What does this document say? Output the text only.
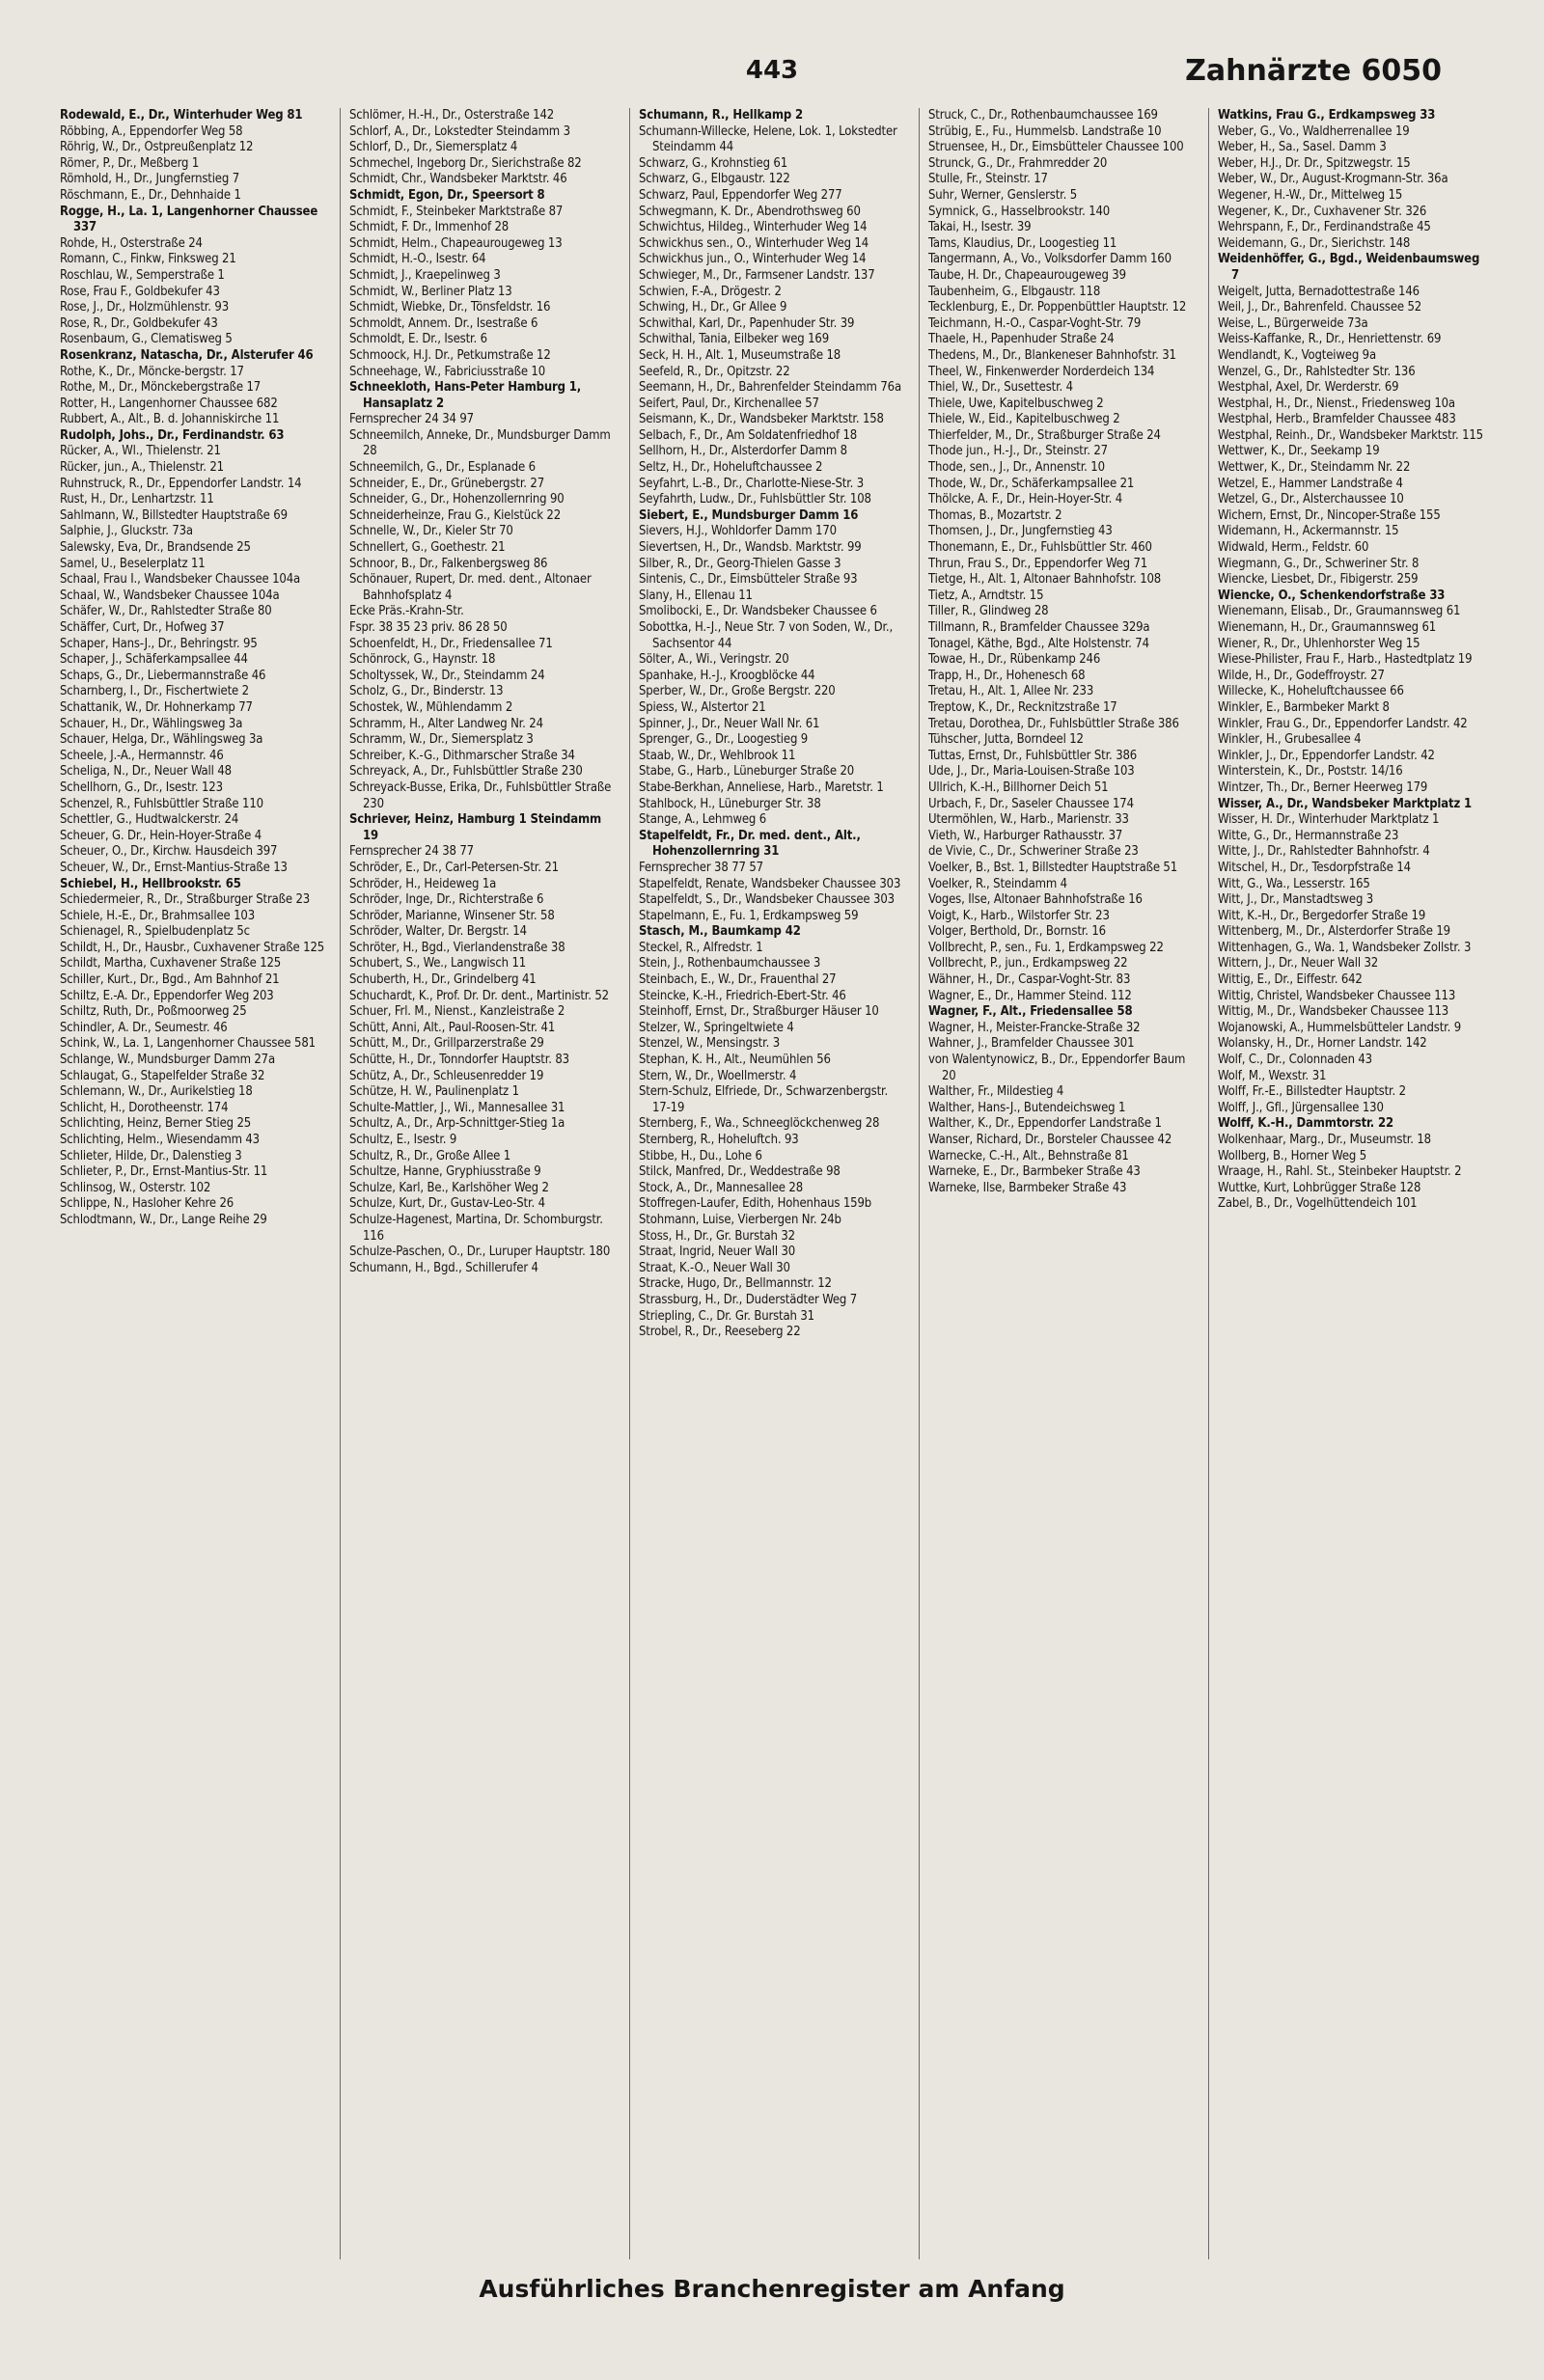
443	Zahnärzte 6050
Rodewald, E., Dr., Winterhuder Weg 81
Röbbing, A., Eppendorfer Weg 58
Röhrig, W., Dr., Ostpreußenplatz 12
Römer, P., Dr., Meßberg 1
Römhold, H., Dr., Jungfernstieg 7
Röschmann, E., Dr., Dehnhaide 1
Rogge, H., La. 1, Langenhorner Chaussee 337
Rohde, H., Osterstraße 24
Romann, C., Finkw, Finksweg 21
Roschlau, W., Semperstraße 1
Rose, Frau F., Goldbekufer 43
Rose, J., Dr., Holzmühlenstr. 93
Rose, R., Dr., Goldbekufer 43
Rosenbaum, G., Clematisweg 5
Rosenkranz, Natascha, Dr., Alsterufer 46
Rothe, K., Dr., Möncke-bergstr. 17
Rothe, M., Dr., Mönckebergstraße 17
Rotter, H., Langenhorner Chaussee 682
Rubbert, A., Alt., B. d. Johanniskirche 11
Rudolph, Johs., Dr., Ferdinandstr. 63
Rücker, A., Wl., Thielenstr. 21
Rücker, jun., A., Thielenstr. 21
Ruhnstruck, R., Dr., Eppendorfer Landstr. 14
Rust, H., Dr., Lenhartzstr. 11
Sahlmann, W., Billstedter Hauptstraße 69
Salphie, J., Gluckstr. 73a
Salewsky, Eva, Dr., Brandsende 25
Samel, U., Beselerplatz 11
Schaal, Frau I., Wandsbeker Chaussee 104a
Schaal, W., Wandsbeker Chaussee 104a
Schäfer, W., Dr., Rahlstedter Straße 80
Schäffer, Curt, Dr., Hofweg 37
Schaper, Hans-J., Dr., Behringstr. 95
Schaper, J., Schäferkampsallee 44
Schaps, G., Dr., Liebermannstraße 46
Scharnberg, I., Dr., Fischertwiete 2
Schattanik, W., Dr. Hohnerkamp 77
Schauer, H., Dr., Wählingsweg 3a
Schauer, Helga, Dr., Wählingsweg 3a
Scheele, J.-A., Hermannstr. 46
Scheliga, N., Dr., Neuer Wall 48
Schellhorn, G., Dr., Isestr. 123
Schenzel, R., Fuhlsbüttler Straße 110
Schettler, G., Hudtwalckerstr. 24
Scheuer, G. Dr., Hein-Hoyer-Straße 4
Scheuer, O., Dr., Kirchw. Hausdeich 397
Scheuer, W., Dr., Ernst-Mantius-Straße 13
Schiebel, H., Hellbrookstr. 65
Schiedermeier, R., Dr., Straßburger Straße 23
Schiele, H.-E., Dr., Brahmsallee 103
Schienagel, R., Spielbudenplatz 5c
Schildt, H., Dr., Hausbr., Cuxhavener Straße 125
Schildt, Martha, Cuxhavener Straße 125
Schiller, Kurt., Dr., Bgd., Am Bahnhof 21
Schiltz, E.-A. Dr., Eppendorfer Weg 203
Schiltz, Ruth, Dr., Poßmoorweg 25
Schindler, A. Dr., Seumestr. 46
Schink, W., La. 1, Langenhorner Chaussee 581
Schlange, W., Mundsburger Damm 27a
Schlaugat, G., Stapelfelder Straße 32
Schlemann, W., Dr., Aurikelstieg 18
Schlicht, H., Dorotheenstr. 174
Schlichting, Heinz, Berner Stieg 25
Schlichting, Helm., Wiesendamm 43
Schlieter, Hilde, Dr., Dalenstieg 3
Schlieter, P., Dr., Ernst-Mantius-Str. 11
Schlinsog, W., Osterstr. 102
Schlippe, N., Hasloher Kehre 26
Schlodtmann, W., Dr., Lange Reihe 29
Schlömer, H.-H., Dr., Osterstraße 142
Schlorf, A., Dr., Lokstedter Steindamm 3
Schlorf, D., Dr., Siemersplatz 4
Schmechel, Ingeborg Dr., Sierichstraße 82
Schmidt, Chr., Wandsbeker Marktstr. 46
Schmidt, Egon, Dr., Speersort 8
Schmidt, F., Steinbeker Marktstraße 87
Schmidt, F. Dr., Immenhof 28
Schmidt, Helm., Chapeaurougeweg 13
Schmidt, H.-O., Isestr. 64
Schmidt, J., Kraepelinweg 3
Schmidt, W., Berliner Platz 13
Schmidt, Wiebke, Dr., Tönsfeldstr. 16
Schmoldt, Annem. Dr., Isestraße 6
Schmoldt, E. Dr., Isestr. 6
Schmoock, H.J. Dr., Petkumstraße 12
Schneehage, W., Fabriciusstraße 10
Schneekloth, Hans-Peter Hamburg 1, Hansaplatz 2
Fernsprecher 24 34 97
Schneemilch, Anneke, Dr., Mundsburger Damm 28
Schneemilch, G., Dr., Esplanade 6
Schneider, E., Dr., Grünebergstr. 27
Schneider, G., Dr., Hohenzollernring 90
Schneiderheinze, Frau G., Kielstück 22
Schnelle, W., Dr., Kieler Str 70
Schnellert, G., Goethestr. 21
Schnoor, B., Dr., Falkenbergsweg 86
Schönauer, Rupert, Dr. med. dent., Altonaer Bahnhofsplatz 4
Ecke Präs.-Krahn-Str.
Fspr. 38 35 23 priv. 86 28 50
Schoenfeldt, H., Dr., Friedensallee 71
Schönrock, G., Haynstr. 18
Scholtyssek, W., Dr., Steindamm 24
Scholz, G., Dr., Binderstr. 13
Schostek, W., Mühlendamm 2
Schramm, H., Alter Landweg Nr. 24
Schramm, W., Dr., Siemersplatz 3
Schreiber, K.-G., Dithmarscher Straße 34
Schreyack, A., Dr., Fuhlsbüttler Straße 230
Schreyack-Busse, Erika, Dr., Fuhlsbüttler Straße 230
Schriever, Heinz, Hamburg 1 Steindamm 19
Fernsprecher 24 38 77
Schröder, E., Dr., Carl-Petersen-Str. 21
Schröder, H., Heideweg 1a
Schröder, Inge, Dr., Richterstraße 6
Schröder, Marianne, Winsener Str. 58
Schröder, Walter, Dr. Bergstr. 14
Schröter, H., Bgd., Vierlandenstraße 38
Schubert, S., We., Langwisch 11
Schuberth, H., Dr., Grindelberg 41
Schuchardt, K., Prof. Dr. Dr. dent., Martinistr. 52
Schuer, Frl. M., Nienst., Kanzleistraße 2
Schütt, Anni, Alt., Paul-Roosen-Str. 41
Schütt, M., Dr., Grillparzerstraße 29
Schütte, H., Dr., Tonndorfer Hauptstr. 83
Schütz, A., Dr., Schleusenredder 19
Schütze, H. W., Paulinenplatz 1
Schulte-Mattler, J., Wi., Mannesallee 31
Schultz, A., Dr., Arp-Schnittger-Stieg 1a
Schultz, E., Isestr. 9
Schultz, R., Dr., Große Allee 1
Schultze, Hanne, Gryphiusstraße 9
Schulze, Karl, Be., Karlshöher Weg 2
Schulze, Kurt, Dr., Gustav-Leo-Str. 4
Schulze-Hagenest, Martina, Dr. Schomburgstr. 116
Schulze-Paschen, O., Dr., Luruper Hauptstr. 180
Schumann, H., Bgd., Schillerufer 4
Schumann, R., Hellkamp 2
Schumann-Willecke, Helene, Lok. 1, Lokstedter Steindamm 44
Schwarz, G., Krohnstieg 61
Schwarz, G., Elbgaustr. 122
Schwarz, Paul, Eppendorfer Weg 277
Schwegmann, K. Dr., Abendrothsweg 60
Schwichtus, Hildeg., Winterhuder Weg 14
Schwickhus sen., O., Winterhuder Weg 14
Schwickhus jun., O., Winterhuder Weg 14
Schwieger, M., Dr., Farmsener Landstr. 137
Schwien, F.-A., Drögestr. 2
Schwing, H., Dr., Gr Allee 9
Schwithal, Karl, Dr., Papenhuder Str. 39
Schwithal, Tania, Eilbeker weg 169
Seck, H. H., Alt. 1, Museumstraße 18
Seefeld, R., Dr., Opitzstr. 22
Seemann, H., Dr., Bahrenfelder Steindamm 76a
Seifert, Paul, Dr., Kirchenallee 57
Seismann, K., Dr., Wandsbeker Marktstr. 158
Selbach, F., Dr., Am Soldatenfriedhof 18
Sellhorn, H., Dr., Alsterdorfer Damm 8
Seltz, H., Dr., Hoheluftchaussee 2
Seyfahrt, L.-B., Dr., Charlotte-Niese-Str. 3
Seyfahrth, Ludw., Dr., Fuhlsbüttler Str. 108
Siebert, E., Mundsburger Damm 16
Sievers, H.J., Wohldorfer Damm 170
Sievertsen, H., Dr., Wandsb. Marktstr. 99
Silber, R., Dr., Georg-Thielen Gasse 3
Sintenis, C., Dr., Eimsbütteler Straße 93
Slany, H., Ellenau 11
Smolibocki, E., Dr. Wandsbeker Chaussee 6
Sobottka, H.-J., Neue Str. 7 von Soden, W., Dr., Sachsentor 44
Sölter, A., Wi., Veringstr. 20
Spanhake, H.-J., Kroogblöcke 44
Sperber, W., Dr., Große Bergstr. 220
Spiess, W., Alstertor 21
Spinner, J., Dr., Neuer Wall Nr. 61
Sprenger, G., Dr., Loogestieg 9
Staab, W., Dr., Wehlbrook 11
Stabe, G., Harb., Lüneburger Straße 20
Stabe-Berkhan, Anneliese, Harb., Maretstr. 1
Stahlbock, H., Lüneburger Str. 38
Stange, A., Lehmweg 6
Stapelfeldt, Fr., Dr. med. dent., Alt., Hohenzollernring 31
Fernsprecher 38 77 57
Stapelfeldt, Renate, Wandsbeker Chaussee 303
Stapelfeldt, S., Dr., Wandsbeker Chaussee 303
Stapelmann, E., Fu. 1, Erdkampsweg 59
Stasch, M., Baumkamp 42
Steckel, R., Alfredstr. 1
Stein, J., Rothenbaumchaussee 3
Steinbach, E., W., Dr., Frauenthal 27
Steincke, K.-H., Friedrich-Ebert-Str. 46
Steinhoff, Ernst, Dr., Straßburger Häuser 10
Stelzer, W., Springeltwiete 4
Stenzel, W., Mensingstr. 3
Stephan, K. H., Alt., Neumühlen 56
Stern, W., Dr., Woellmerstr. 4
Stern-Schulz, Elfriede, Dr., Schwarzenbergstr. 17-19
Sternberg, F., Wa., Schneeglöckchenweg 28
Sternberg, R., Hoheluftch. 93
Stibbe, H., Du., Lohe 6
Stilck, Manfred, Dr., Weddestraße 98
Stock, A., Dr., Mannesallee 28
Stoffregen-Laufer, Edith, Hohenhaus 159b
Stohmann, Luise, Vierbergen Nr. 24b
Stoss, H., Dr., Gr. Burstah 32
Straat, Ingrid, Neuer Wall 30
Straat, K.-O., Neuer Wall 30
Stracke, Hugo, Dr., Bellmannstr. 12
Strassburg, H., Dr., Duderstädter Weg 7
Striepling, C., Dr. Gr. Burstah 31
Strobel, R., Dr., Reeseberg 22
Struck, C., Dr., Rothenbaumchaussee 169
Strübig, E., Fu., Hummelsb. Landstraße 10
Struensee, H., Dr., Eimsbütteler Chaussee 100
Strunck, G., Dr., Frahmredder 20
Stulle, Fr., Steinstr. 17
Suhr, Werner, Genslerstr. 5
Symnick, G., Hasselbrookstr. 140
Takai, H., Isestr. 39
Tams, Klaudius, Dr., Loogestieg 11
Tangermann, A., Vo., Volksdorfer Damm 160
Taube, H. Dr., Chapeaurougeweg 39
Taubenheim, G., Elbgaustr. 118
Tecklenburg, E., Dr. Poppenbüttler Hauptstr. 12
Teichmann, H.-O., Caspar-Voght-Str. 79
Thaele, H., Papenhuder Straße 24
Thedens, M., Dr., Blankeneser Bahnhofstr. 31
Theel, W., Finkenwerder Norderdeich 134
Thiel, W., Dr., Susettestr. 4
Thiele, Uwe, Kapitelbuschweg 2
Thiele, W., Eid., Kapitelbuschweg 2
Thierfelder, M., Dr., Straßburger Straße 24
Thode jun., H.-J., Dr., Steinstr. 27
Thode, sen., J., Dr., Annenstr. 10
Thode, W., Dr., Schäferkampsallee 21
Thölcke, A. F., Dr., Hein-Hoyer-Str. 4
Thomas, B., Mozartstr. 2
Thomsen, J., Dr., Jungfernstieg 43
Thonemann, E., Dr., Fuhlsbüttler Str. 460
Thrun, Frau S., Dr., Eppendorfer Weg 71
Tietge, H., Alt. 1, Altonaer Bahnhofstr. 108
Tietz, A., Arndtstr. 15
Tiller, R., Glindweg 28
Tillmann, R., Bramfelder Chaussee 329a
Tonagel, Käthe, Bgd., Alte Holstenstr. 74
Towae, H., Dr., Rübenkamp 246
Trapp, H., Dr., Hohenesch 68
Tretau, H., Alt. 1, Allee Nr. 233
Treptow, K., Dr., Recknitzstraße 17
Tretau, Dorothea, Dr., Fuhlsbüttler Straße 386
Tühscher, Jutta, Borndeel 12
Tuttas, Ernst, Dr., Fuhlsbüttler Str. 386
Ude, J., Dr., Maria-Louisen-Straße 103
Ullrich, K.-H., Billhorner Deich 51
Urbach, F., Dr., Saseler Chaussee 174
Utermöhlen, W., Harb., Marienstr. 33
Vieth, W., Harburger Rathausstr. 37
de Vivie, C., Dr., Schweriner Straße 23
Voelker, B., Bst. 1, Billstedter Hauptstraße 51
Voelker, R., Steindamm 4
Voges, Ilse, Altonaer Bahnhofstraße 16
Voigt, K., Harb., Wilstorfer Str. 23
Volger, Berthold, Dr., Bornstr. 16
Vollbrecht, P., sen., Fu. 1, Erdkampsweg 22
Vollbrecht, P., jun., Erdkampsweg 22
Wähner, H., Dr., Caspar-Voght-Str. 83
Wagner, E., Dr., Hammer Steind. 112
Wagner, F., Alt., Friedensallee 58
Wagner, H., Meister-Francke-Straße 32
Wahner, J., Bramfelder Chaussee 301
von Walentynowicz, B., Dr., Eppendorfer Baum 20
Walther, Fr., Mildestieg 4
Walther, Hans-J., Butendeichsweg 1
Walther, K., Dr., Eppendorfer Landstraße 1
Wanser, Richard, Dr., Borsteler Chaussee 42
Warnecke, C.-H., Alt., Behnstraße 81
Warneke, E., Dr., Barmbeker Straße 43
Warneke, Ilse, Barmbeker Straße 43
Watkins, Frau G., Erdkampsweg 33
Weber, G., Vo., Waldherrenallee 19
Weber, H., Sa., Sasel. Damm 3
Weber, H.J., Dr. Dr., Spitzwegstr. 15
Weber, W., Dr., August-Krogmann-Str. 36a
Wegener, H.-W., Dr., Mittelweg 15
Wegener, K., Dr., Cuxhavener Str. 326
Wehrspann, F., Dr., Ferdinandstraße 45
Weidemann, G., Dr., Sierichstr. 148
Weidenhöffer, G., Bgd., Weidenbaumsweg 7
Weigelt, Jutta, Bernadottestraße 146
Weil, J., Dr., Bahrenfeld. Chaussee 52
Weise, L., Bürgerweide 73a
Weiss-Kaffanke, R., Dr., Henriettenstr. 69
Wendlandt, K., Vogteiweg 9a
Wenzel, G., Dr., Rahlstedter Str. 136
Westphal, Axel, Dr. Werderstr. 69
Westphal, H., Dr., Nienst., Friedensweg 10a
Westphal, Herb., Bramfelder Chaussee 483
Westphal, Reinh., Dr., Wandsbeker Marktstr. 115
Wettwer, K., Dr., Seekamp 19
Wettwer, K., Dr., Steindamm Nr. 22
Wetzel, E., Hammer Landstraße 4
Wetzel, G., Dr., Alsterchaussee 10
Wichern, Ernst, Dr., Nincoper-Straße 155
Widemann, H., Ackermannstr. 15
Widwald, Herm., Feldstr. 60
Wiegmann, G., Dr., Schweriner Str. 8
Wiencke, Liesbet, Dr., Fibigerstr. 259
Wiencke, O., Schenkendorfstraße 33
Wienemann, Elisab., Dr., Graumannsweg 61
Wienemann, H., Dr., Graumannsweg 61
Wiener, R., Dr., Uhlenhorster Weg 15
Wiese-Philister, Frau F., Harb., Hastedtplatz 19
Wilde, H., Dr., Godeffroystr. 27
Willecke, K., Hoheluftchaussee 66
Winkler, E., Barmbeker Markt 8
Winkler, Frau G., Dr., Eppendorfer Landstr. 42
Winkler, H., Grubesallee 4
Winkler, J., Dr., Eppendorfer Landstr. 42
Winterstein, K., Dr., Poststr. 14/16
Wintzer, Th., Dr., Berner Heerweg 179
Wisser, A., Dr., Wandsbeker Marktplatz 1
Wisser, H. Dr., Winterhuder Marktplatz 1
Witte, G., Dr., Hermannstraße 23
Witte, J., Dr., Rahlstedter Bahnhofstr. 4
Witschel, H., Dr., Tesdorpfstraße 14
Witt, G., Wa., Lesserstr. 165
Witt, J., Dr., Manstadtsweg 3
Witt, K.-H., Dr., Bergedorfer Straße 19
Wittenberg, M., Dr., Alsterdorfer Straße 19
Wittenhagen, G., Wa. 1, Wandsbeker Zollstr. 3
Wittern, J., Dr., Neuer Wall 32
Wittig, E., Dr., Eiffestr. 642
Wittig, Christel, Wandsbeker Chaussee 113
Wittig, M., Dr., Wandsbeker Chaussee 113
Wojanowski, A., Hummelsbütteler Landstr. 9
Wolansky, H., Dr., Horner Landstr. 142
Wolf, C., Dr., Colonnaden 43
Wolf, M., Wexstr. 31
Wolff, Fr.-E., Billstedter Hauptstr. 2
Wolff, J., Gfl., Jürgensallee 130
Wolff, K.-H., Dammtorstr. 22
Wolkenhaar, Marg., Dr., Museumstr. 18
Wollberg, B., Horner Weg 5
Wraage, H., Rahl. St., Steinbeker Hauptstr. 2
Wuttke, Kurt, Lohbrügger Straße 128
Zabel, B., Dr., Vogelhüttendeich 101
Ausführliches Branchenregister am Anfang
